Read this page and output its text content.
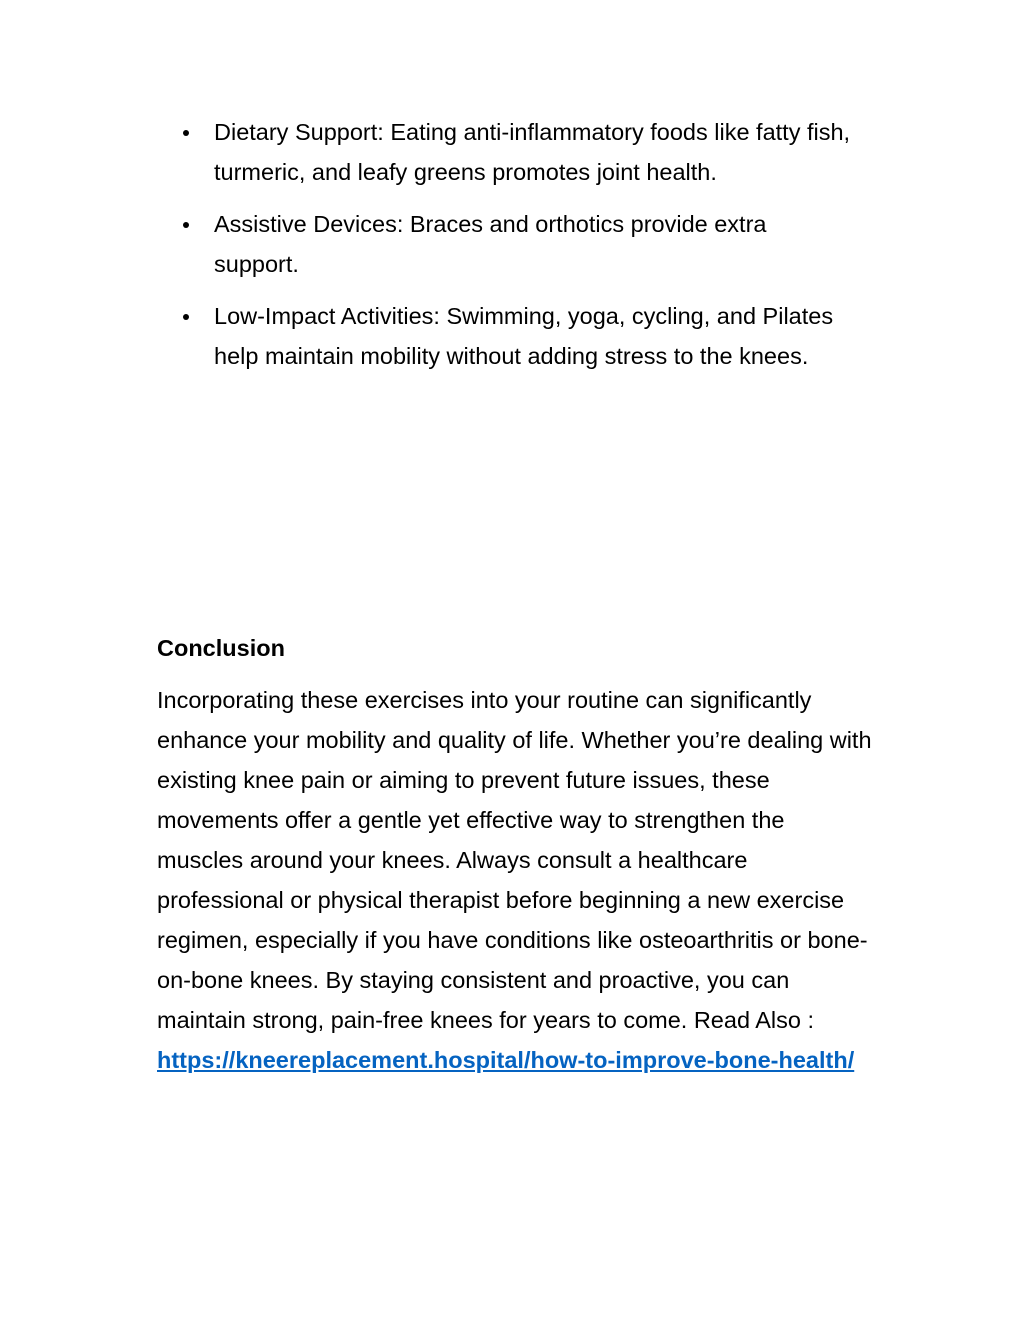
Dietary Support: Eating anti-inflammatory foods like fatty fish, turmeric, and leafy greens promotes joint health.
Assistive Devices: Braces and orthotics provide extra support.
Low-Impact Activities: Swimming, yoga, cycling, and Pilates help maintain mobility without adding stress to the knees.
Conclusion

Incorporating these exercises into your routine can significantly enhance your mobility and quality of life. Whether you’re dealing with existing knee pain or aiming to prevent future issues, these movements offer a gentle yet effective way to strengthen the muscles around your knees. Always consult a healthcare professional or physical therapist before beginning a new exercise regimen, especially if you have conditions like osteoarthritis or bone-on-bone knees. By staying consistent and proactive, you can maintain strong, pain-free knees for years to come. Read Also :
https://kneereplacement.hospital/how-to-improve-bone-health/
